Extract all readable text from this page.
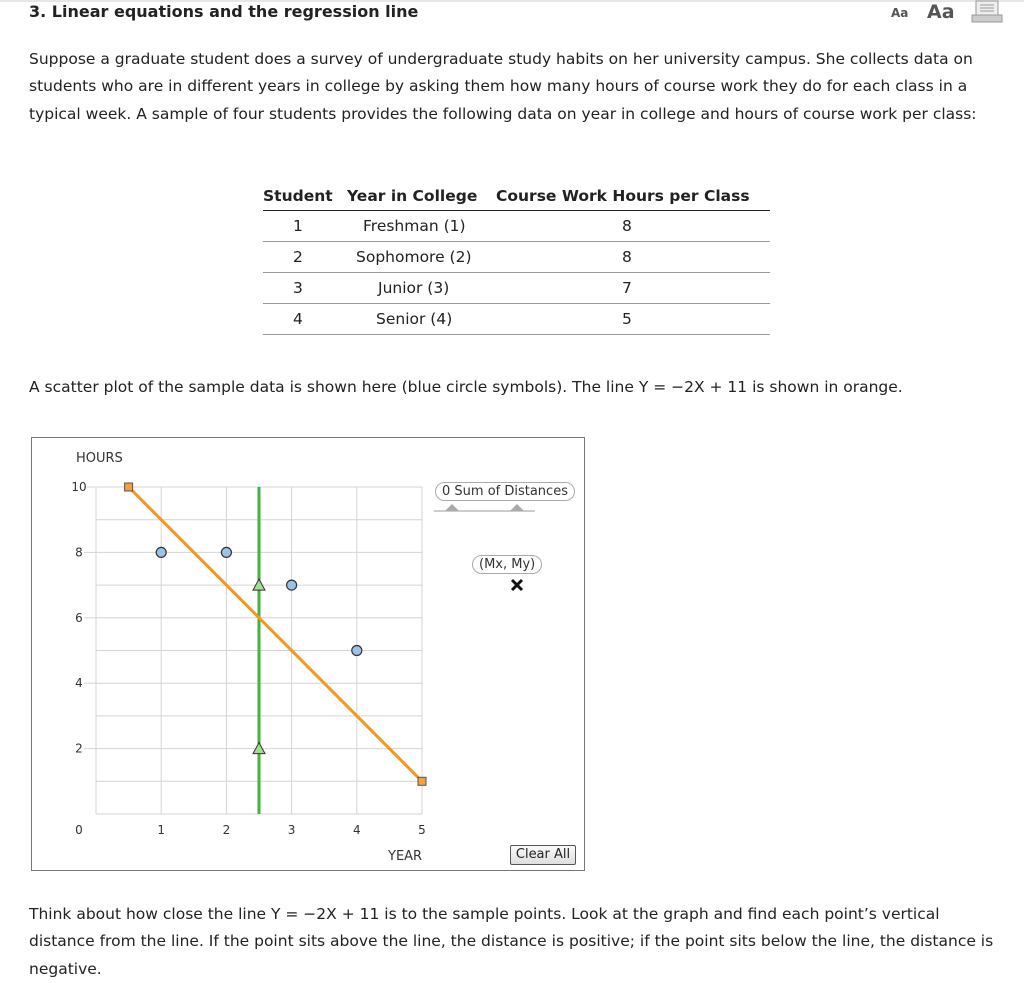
3. Linear equations and the regression line	Aa Aa

Suppose a graduate student does a survey of undergraduate study habits on her university campus. She collects data on students who are in different years in college by asking them how many hours of course work they do for each class in a typical week. A sample of four students provides the following data on year in college and hours of course work per class:

Student	Year in College	Course Work Hours per Class
1	Freshman (1)	8
2	Sophomore (2)	8
3	Junior (3)	7
4	Senior (4)	5

A scatter plot of the sample data is shown here (blue circle symbols). The line Y = −2X + 11 is shown in orange.

0
2
4
6
8
10
1	2	3	4	5
HOURS
YEAR
0 Sum of Distances
(Mx, My)
Clear All

Think about how close the line Y = −2X + 11 is to the sample points. Look at the graph and find each point’s vertical distance from the line. If the point sits above the line, the distance is positive; if the point sits below the line, the distance is negative.
